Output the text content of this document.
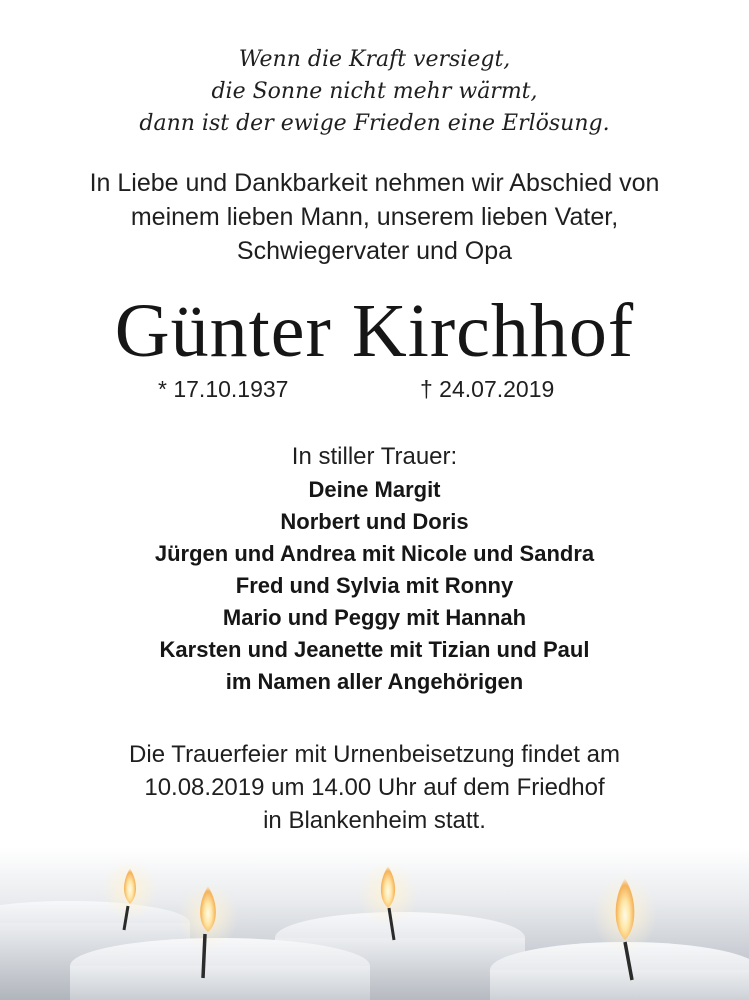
Wenn die Kraft versiegt,
die Sonne nicht mehr wärmt,
dann ist der ewige Frieden eine Erlösung.
In Liebe und Dankbarkeit nehmen wir Abschied von
meinem lieben Mann, unserem lieben Vater,
Schwiegervater und Opa
Günter Kirchhof
* 17.10.1937	† 24.07.2019
In stiller Trauer:
Deine Margit
Norbert und Doris
Jürgen und Andrea mit Nicole und Sandra
Fred und Sylvia mit Ronny
Mario und Peggy mit Hannah
Karsten und Jeanette mit Tizian und Paul
im Namen aller Angehörigen
Die Trauerfeier mit Urnenbeisetzung findet am
10.08.2019 um 14.00 Uhr auf dem Friedhof
in Blankenheim statt.
